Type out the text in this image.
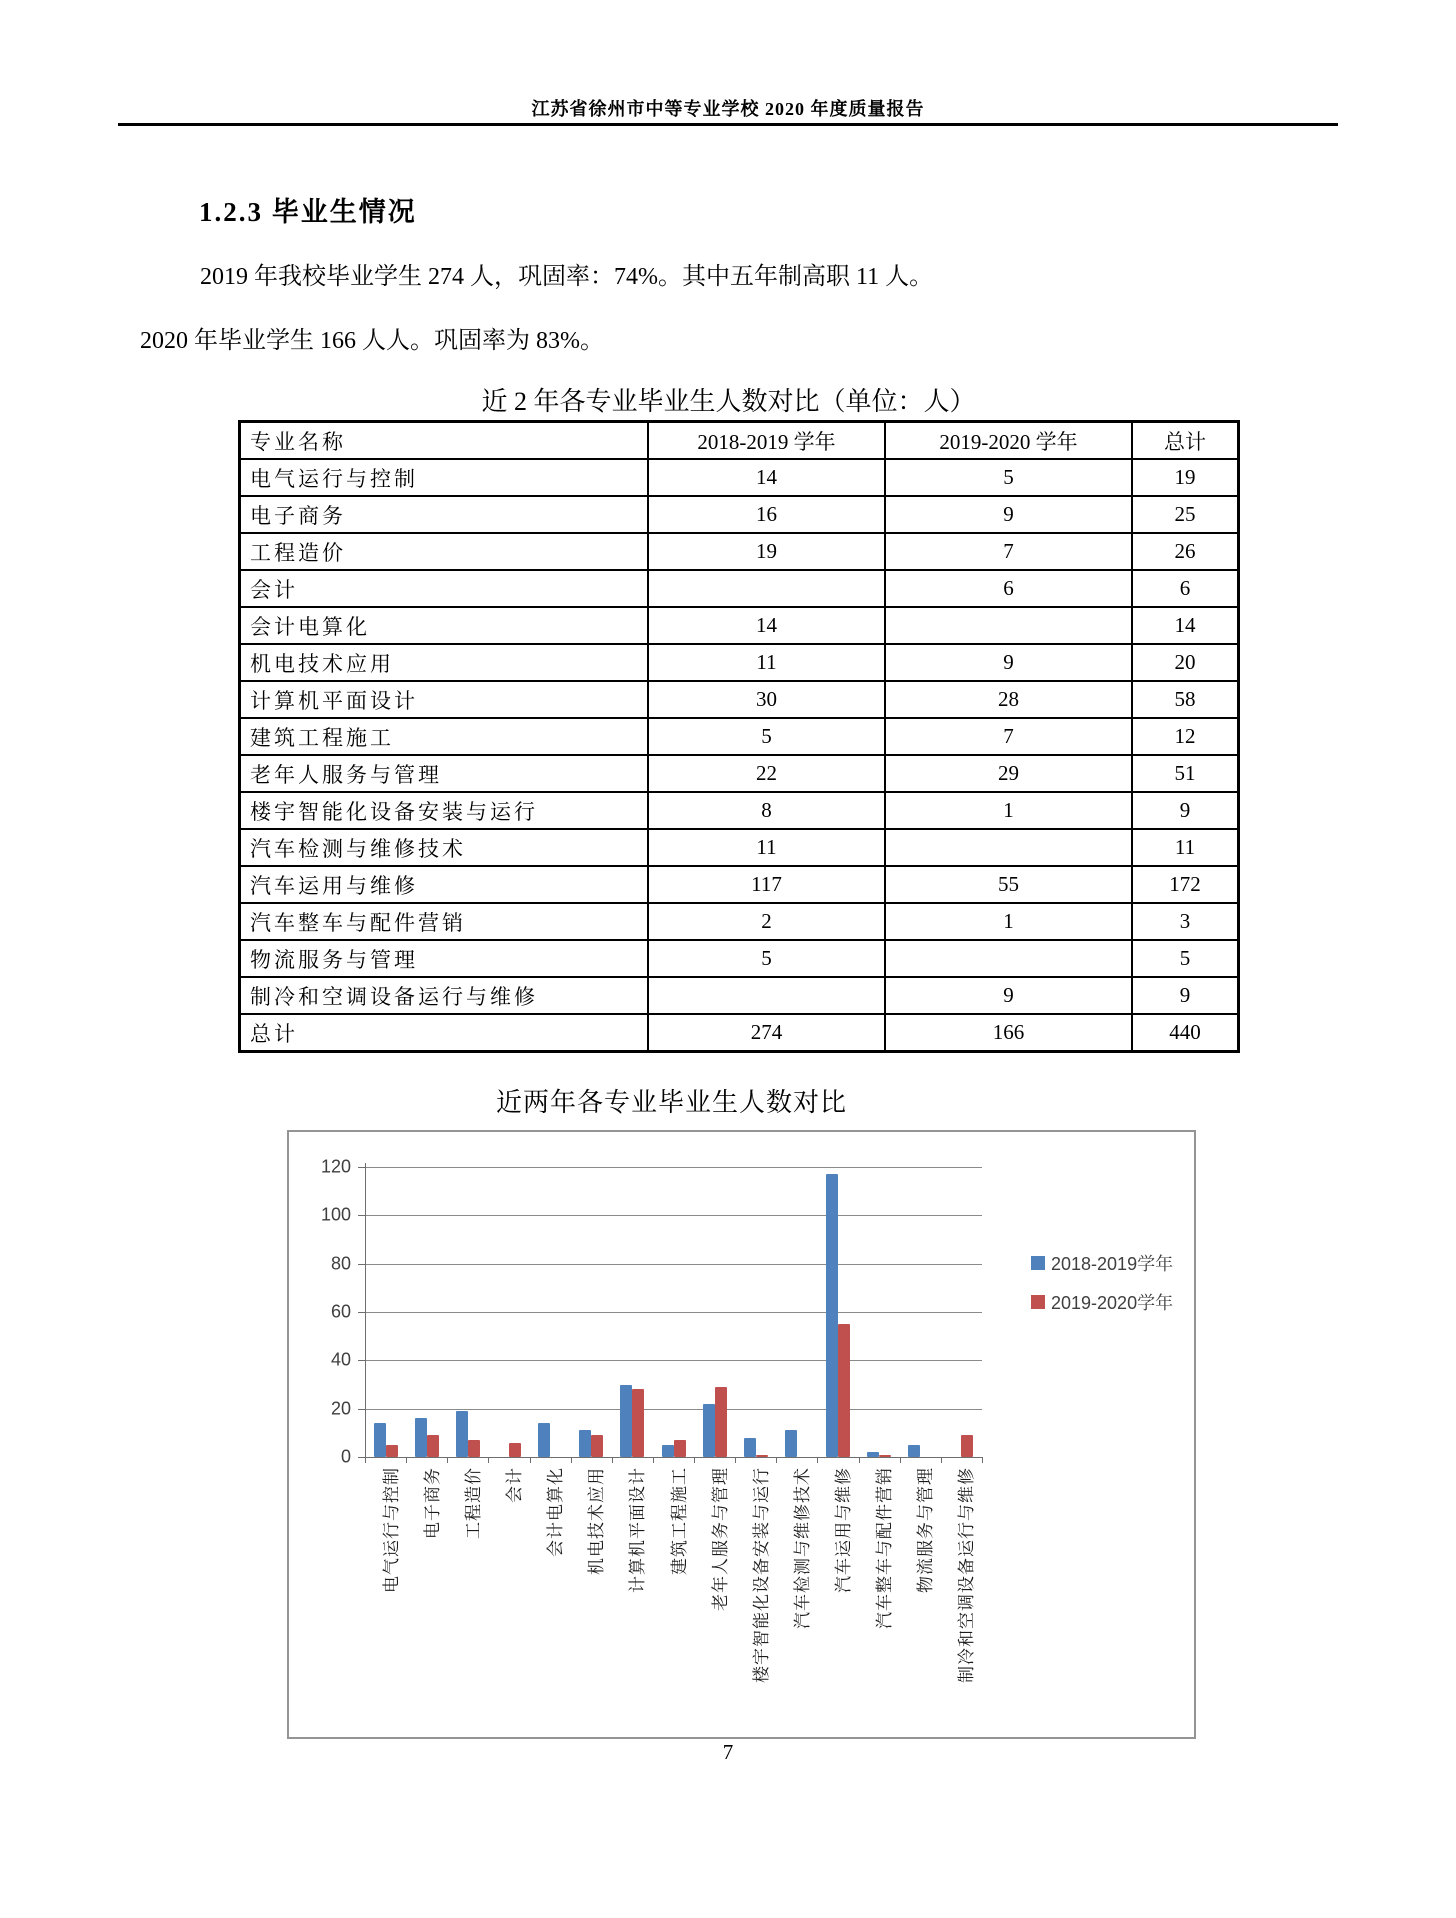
江苏省徐州市中等专业学校 2020 年度质量报告
1.2.3 毕业生情况
2019 年我校毕业学生 274 人，巩固率：74%。其中五年制高职 11 人。
2020 年毕业学生 166 人人。巩固率为 83%。
近 2 年各专业毕业生人数对比（单位：人）
专业名称	2018-2019 学年	2019-2020 学年	总计
电气运行与控制	14	5	19
电子商务	16	9	25
工程造价	19	7	26
会计		6	6
会计电算化	14		14
机电技术应用	11	9	20
计算机平面设计	30	28	58
建筑工程施工	5	7	12
老年人服务与管理	22	29	51
楼宇智能化设备安装与运行	8	1	9
汽车检测与维修技术	11		11
汽车运用与维修	117	55	172
汽车整车与配件营销	2	1	3
物流服务与管理	5		5
制冷和空调设备运行与维修		9	9
总计	274	166	440
近两年各专业毕业生人数对比
0
20
40
60
80
100
120
电气运行与控制 电子商务 工程造价 会计 会计电算化 机电技术应用 计算机平面设计 建筑工程施工 老年人服务与管理 楼宇智能化设备安装与运行 汽车检测与维修技术 汽车运用与维修 汽车整车与配件营销 物流服务与管理 制冷和空调设备运行与维修
2018-2019学年
2019-2020学年
7
